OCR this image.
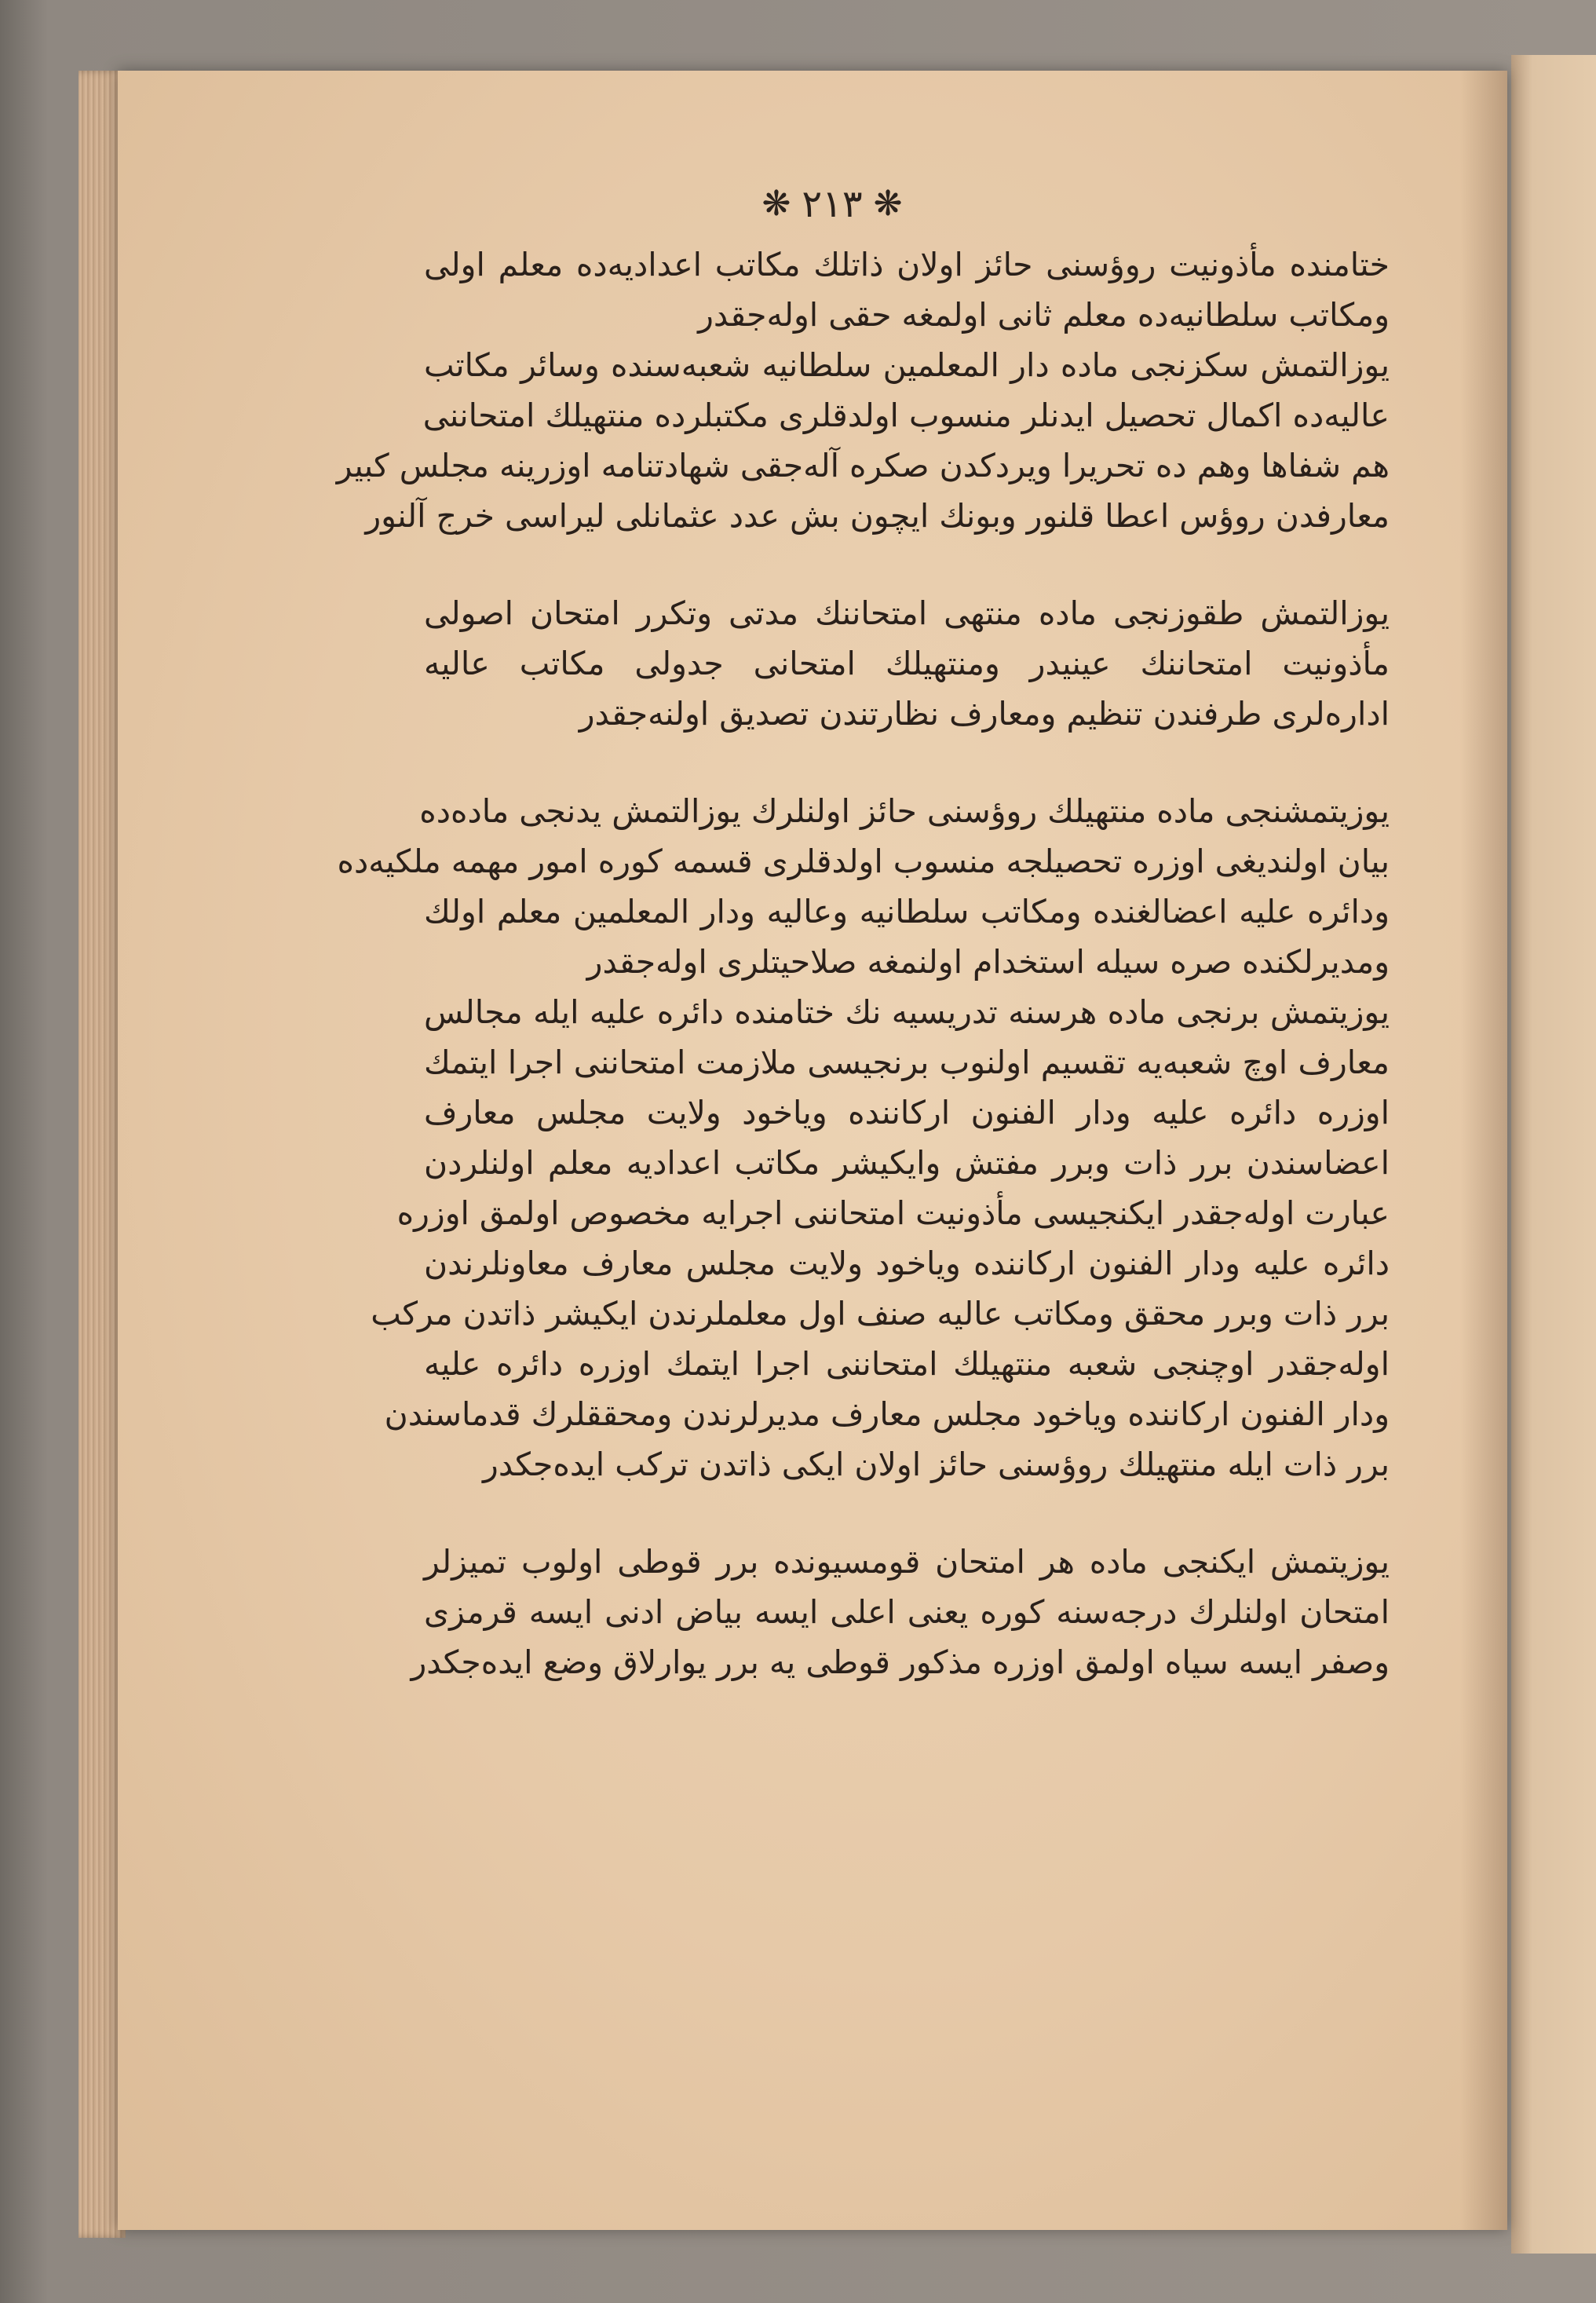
❋ ٢١٣ ❋
ختامنده مأذونيت روؤسنى حائز اولان ذاتلك مكاتب اعداديه‌ده معلم اولى
ومكاتب سلطانيه‌ده معلم ثانى اولمغه حقى اوله‌جقدر
يوزالتمش سكزنجى ماده دار المعلمين سلطانيه شعبه‌سنده وسائر مكاتب
عاليه‌ده اكمال تحصيل ايدنلر منسوب اولدقلرى مكتبلرده منتهيلك امتحاننى
هم شفاها وهم ده تحريرا ويردكدن صكره آله‌جقى شهادتنامه اوزرينه مجلس كبير
معارفدن روؤس اعطا قلنور وبونك ايچون بش عدد عثمانلى ليراسى خرج آلنور
يوزالتمش طقوزنجى ماده منتهى امتحاننك مدتى وتكرر امتحان اصولى
مأذونيت امتحاننك عينيدر ومنتهيلك امتحانى جدولى مكاتب عاليه
اداره‌لرى طرفندن تنظيم ومعارف نظارتندن تصديق اولنه‌جقدر
يوزيتمشنجى ماده منتهيلك روؤسنى حائز اولنلرك يوزالتمش يدنجى ماده‌ده
بيان اولنديغى اوزره تحصيلجه منسوب اولدقلرى قسمه كوره امور مهمه ملكيه‌ده
ودائره عليه اعضالغنده ومكاتب سلطانيه وعاليه ودار المعلمين معلم اولك
ومديرلكنده صره سيله استخدام اولنمغه صلاحيتلرى اوله‌جقدر
يوزيتمش برنجى ماده هرسنه تدريسيه نك ختامنده دائره عليه ايله مجالس
معارف اوچ شعبه‌يه تقسيم اولنوب برنجيسى ملازمت امتحاننى اجرا ايتمك
اوزره دائره عليه ودار الفنون اركاننده وياخود ولايت مجلس معارف
اعضاسندن برر ذات وبرر مفتش وايكيشر مكاتب اعداديه معلم اولنلردن
عبارت اوله‌جقدر ايكنجيسى مأذونيت امتحاننى اجرايه مخصوص اولمق اوزره
دائره عليه ودار الفنون اركاننده وياخود ولايت مجلس معارف معاونلرندن
برر ذات وبرر محقق ومكاتب عاليه صنف اول معلملرندن ايكيشر ذاتدن مركب
اوله‌جقدر اوچنجى شعبه منتهيلك امتحاننى اجرا ايتمك اوزره دائره عليه
ودار الفنون اركاننده وياخود مجلس معارف مديرلرندن ومحققلرك قدماسندن
برر ذات ايله منتهيلك روؤسنى حائز اولان ايكى ذاتدن تركب ايده‌جكدر
يوزيتمش ايكنجى ماده هر امتحان قومسيونده برر قوطى اولوب تميزلر
امتحان اولنلرك درجه‌سنه كوره يعنى اعلى ايسه بياض ادنى ايسه قرمزى
وصفر ايسه سياه اولمق اوزره مذكور قوطى يه برر يوارلاق وضع ايده‌جكدر
